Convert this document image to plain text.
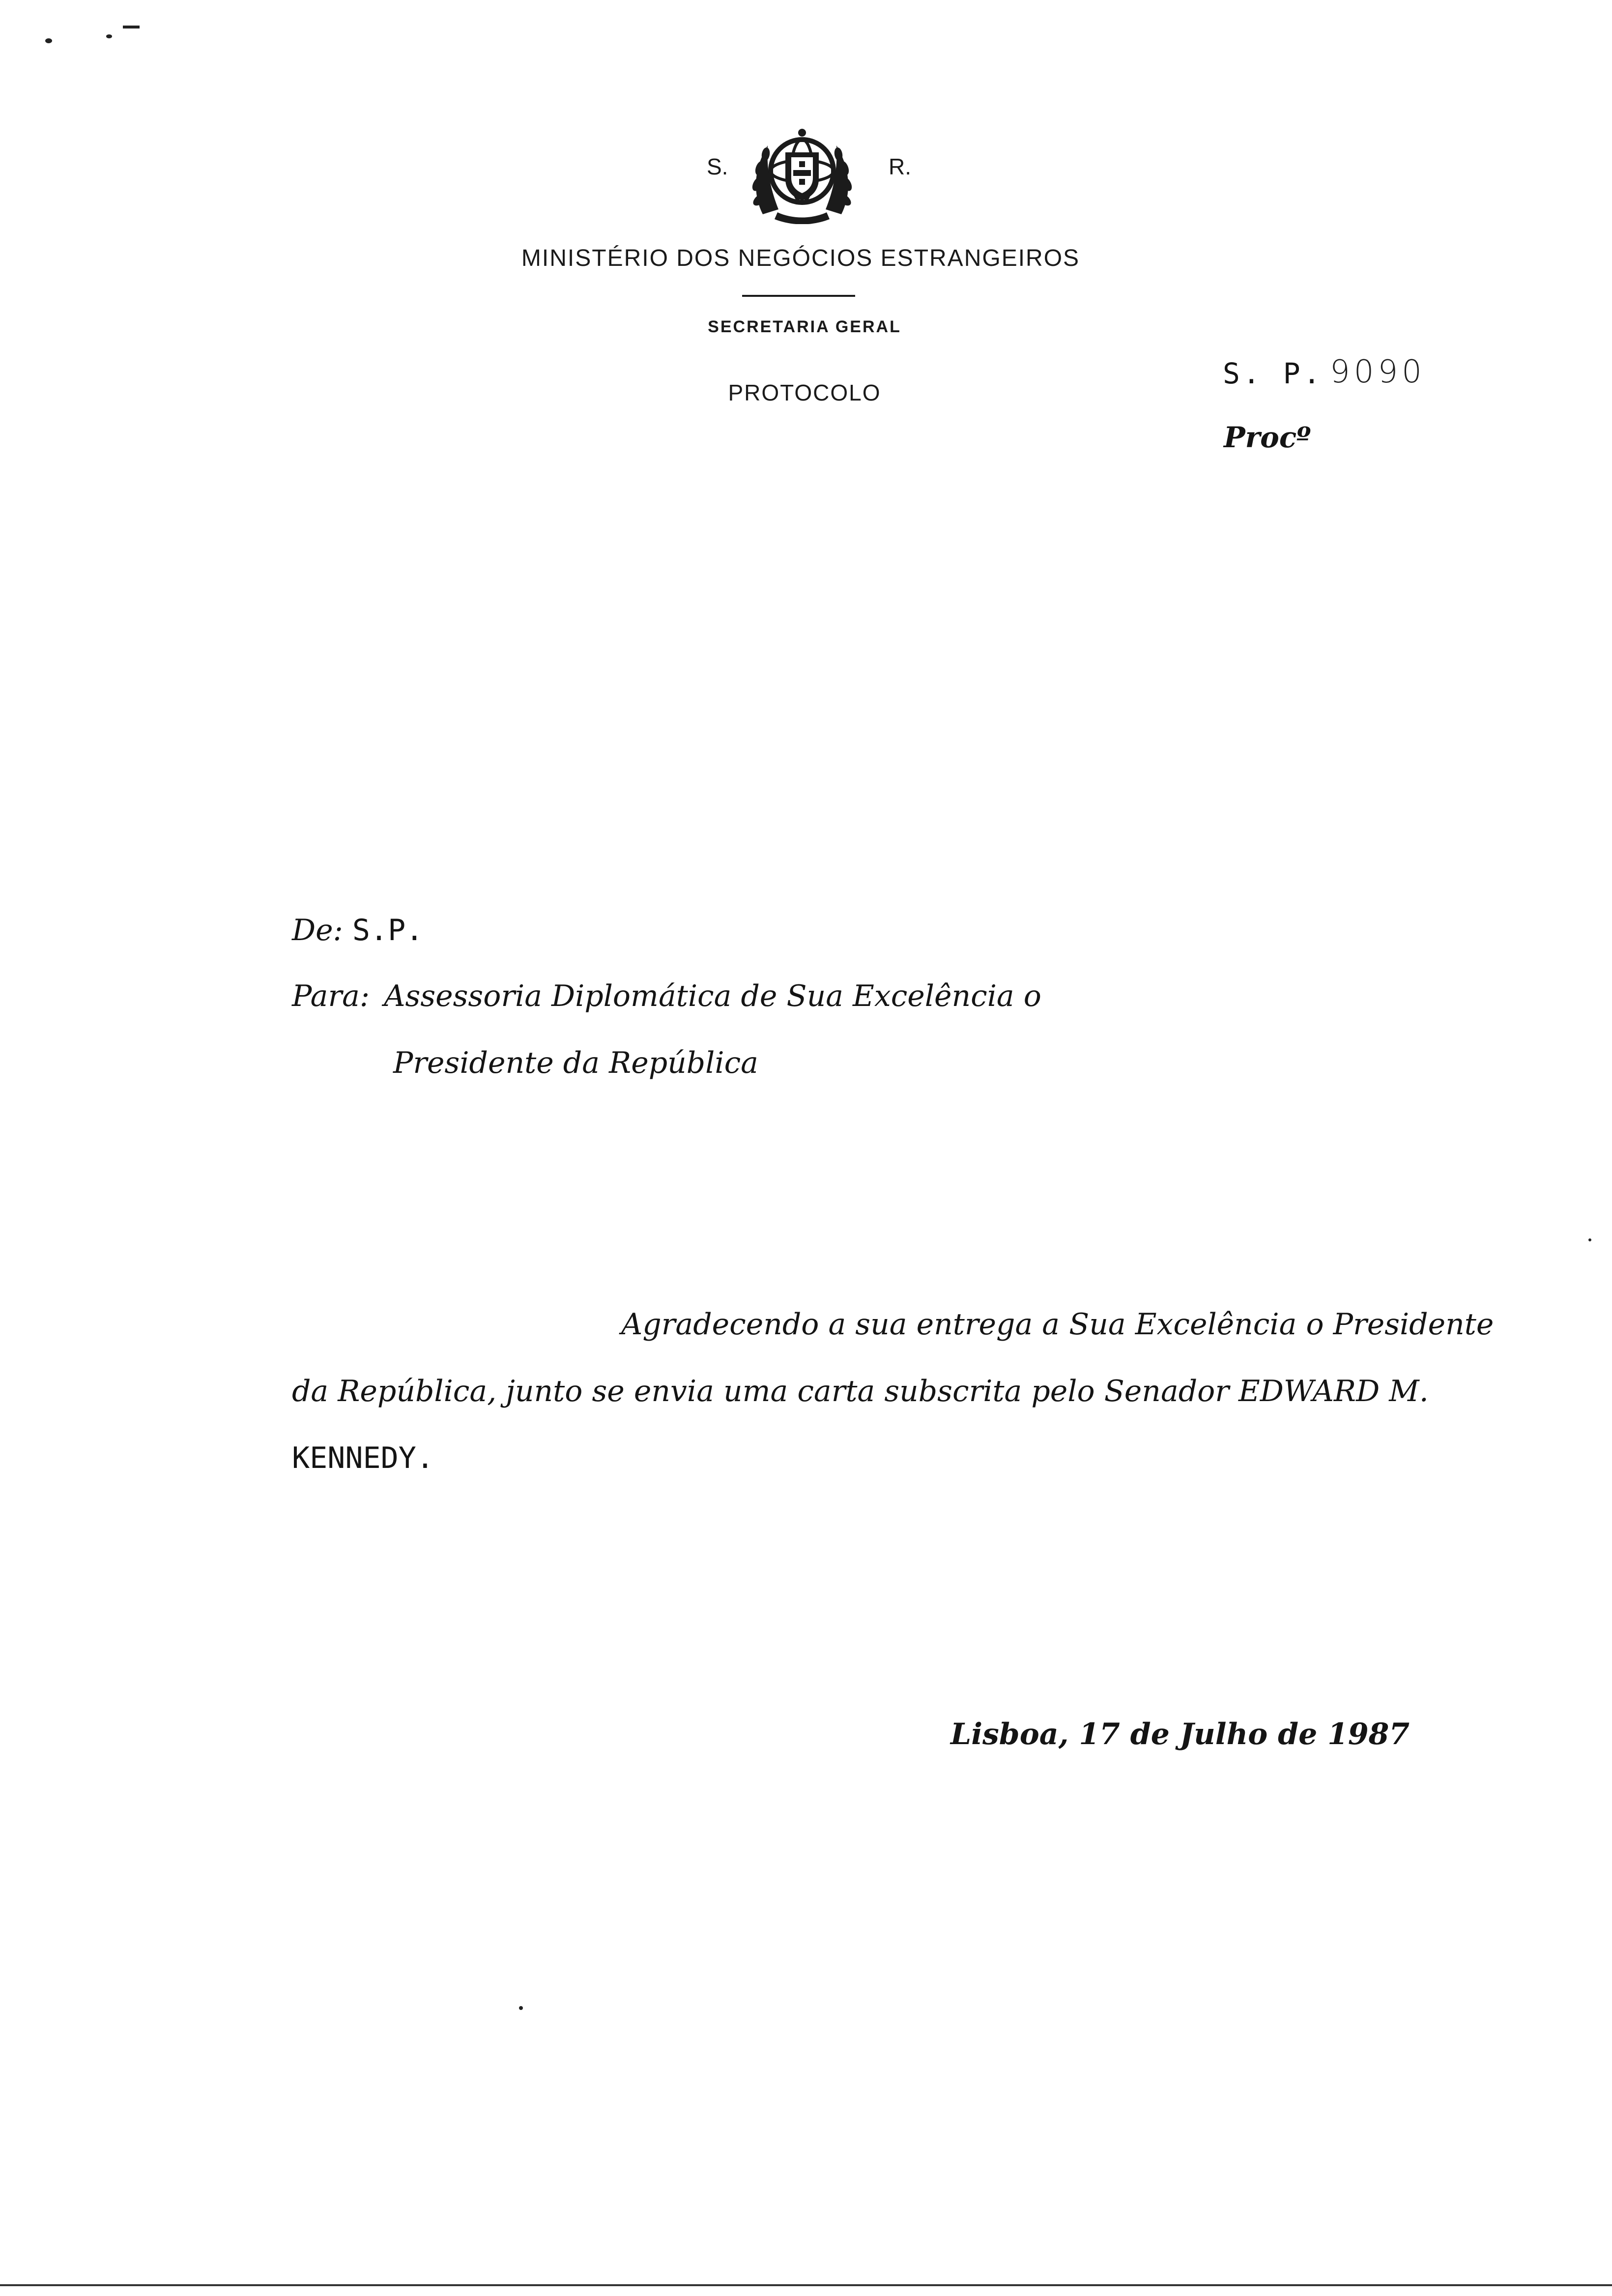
S.	R.
MINISTÉRIO DOS NEGÓCIOS ESTRANGEIROS
SECRETARIA GERAL
PROTOCOLO
S. P. 9090
Procº
De: S.P.
Para: Assessoria Diplomática de Sua Excelência o
Presidente da República
Agradecendo a sua entrega a Sua Excelência o Presidente
da República, junto se envia uma carta subscrita pelo Senador EDWARD M.
KENNEDY.
Lisboa, 17 de Julho de 1987
